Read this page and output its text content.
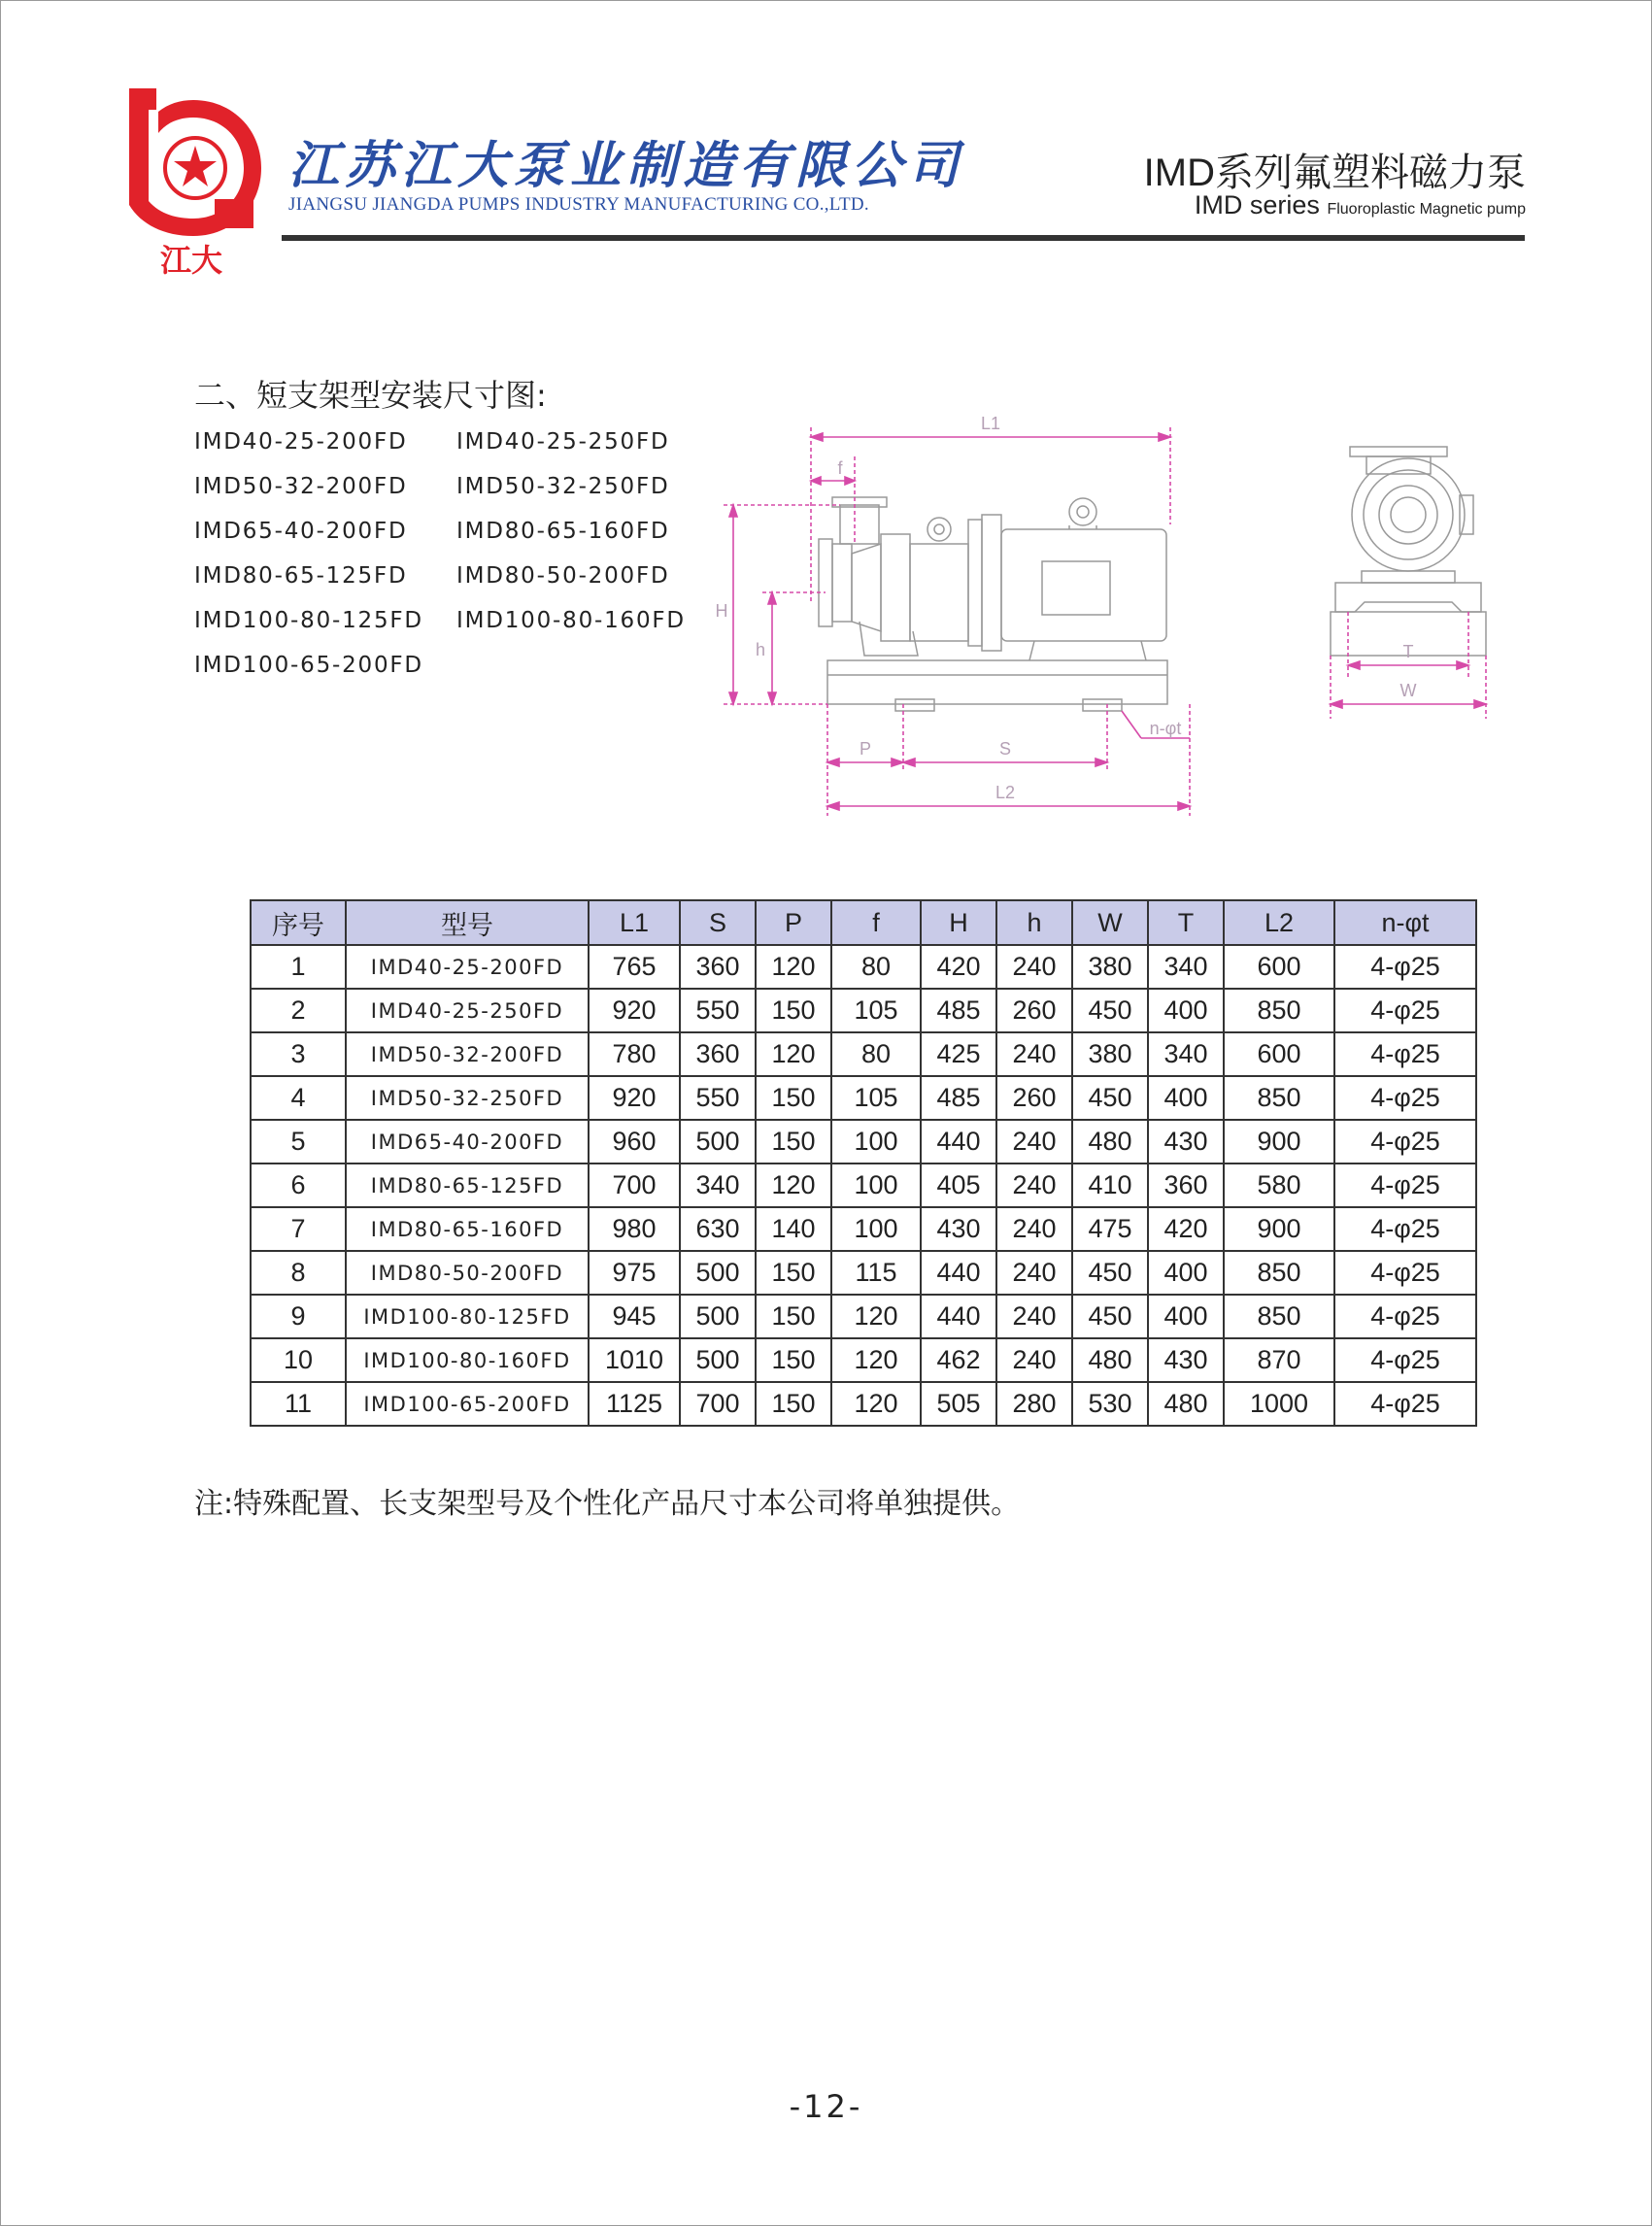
江大
江苏江大泵业制造有限公司
JIANGSU JIANGDA PUMPS INDUSTRY MANUFACTURING CO.,LTD.
IMD系列氟塑料磁力泵
IMD series Fluoroplastic Magnetic pump
二、短支架型安装尺寸图:
IMD40-25-200FD	IMD40-25-250FD
IMD50-32-200FD	IMD50-32-250FD
IMD65-40-200FD	IMD80-65-160FD
IMD80-65-125FD	IMD80-50-200FD
IMD100-80-125FD	IMD100-80-160FD
IMD100-65-200FD
L1
f
H
h
P	S
L2
n-φt
T
W
序号	型号	L1	S	P	f	H	h	W	T	L2	n-φt
1	IMD40-25-200FD	765	360	120	80	420	240	380	340	600	4-φ25
2	IMD40-25-250FD	920	550	150	105	485	260	450	400	850	4-φ25
3	IMD50-32-200FD	780	360	120	80	425	240	380	340	600	4-φ25
4	IMD50-32-250FD	920	550	150	105	485	260	450	400	850	4-φ25
5	IMD65-40-200FD	960	500	150	100	440	240	480	430	900	4-φ25
6	IMD80-65-125FD	700	340	120	100	405	240	410	360	580	4-φ25
7	IMD80-65-160FD	980	630	140	100	430	240	475	420	900	4-φ25
8	IMD80-50-200FD	975	500	150	115	440	240	450	400	850	4-φ25
9	IMD100-80-125FD	945	500	150	120	440	240	450	400	850	4-φ25
10	IMD100-80-160FD	1010	500	150	120	462	240	480	430	870	4-φ25
11	IMD100-65-200FD	1125	700	150	120	505	280	530	480	1000	4-φ25
注:特殊配置、长支架型号及个性化产品尺寸本公司将单独提供。
-12-
